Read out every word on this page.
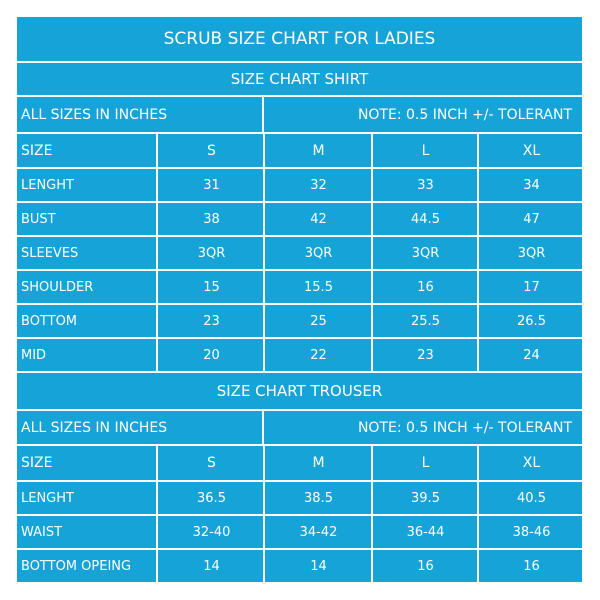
SCRUB SIZE CHART FOR LADIES
SIZE CHART SHIRT
ALL SIZES IN INCHES	NOTE: 0.5 INCH +/- TOLERANT
SIZE	S	M	L	XL
LENGHT	31	32	33	34
BUST	38	42	44.5	47
SLEEVES	3QR	3QR	3QR	3QR
SHOULDER	15	15.5	16	17
BOTTOM	23	25	25.5	26.5
MID	20	22	23	24
SIZE CHART TROUSER
ALL SIZES IN INCHES	NOTE: 0.5 INCH +/- TOLERANT
SIZE	S	M	L	XL
LENGHT	36.5	38.5	39.5	40.5
WAIST	32-40	34-42	36-44	38-46
BOTTOM OPEING	14	14	16	16
